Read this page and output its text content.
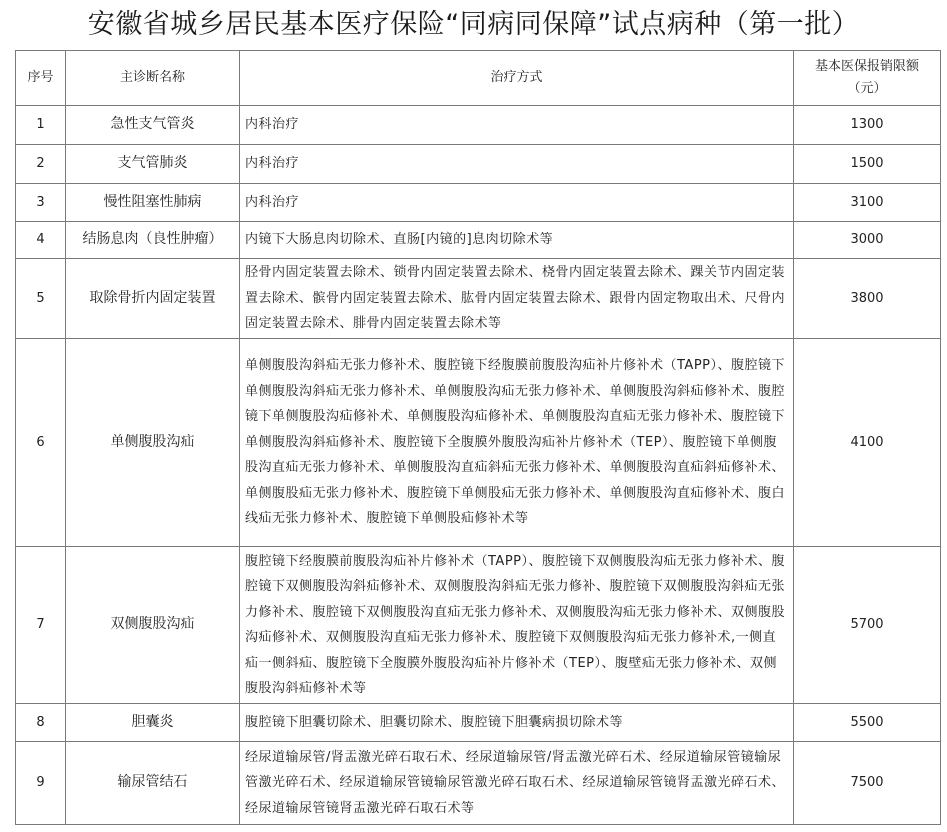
安徽省城乡居民基本医疗保险“同病同保障”试点病种（第一批）
序号	主诊断名称	治疗方式	基本医保报销限额
（元）

1	急性支气管炎	内科治疗	1300
2	支气管肺炎	内科治疗	1500
3	慢性阻塞性肺病	内科治疗	3100
4	结肠息肉（良性肿瘤）	内镜下大肠息肉切除术、直肠[内镜的]息肉切除术等	3000
5	取除骨折内固定装置	胫骨内固定装置去除术、锁骨内固定装置去除术、桡骨内固定装置去除术、踝关节内固定装置去除术、髌骨内固定装置去除术、肱骨内固定装置去除术、跟骨内固定物取出术、尺骨内固定装置去除术、腓骨内固定装置去除术等	3800
6	单侧腹股沟疝	单侧腹股沟斜疝无张力修补术、腹腔镜下经腹膜前腹股沟疝补片修补术（TAPP）、腹腔镜下单侧腹股沟斜疝无张力修补术、单侧腹股沟疝无张力修补术、单侧腹股沟斜疝修补术、腹腔镜下单侧腹股沟疝修补术、单侧腹股沟疝修补术、单侧腹股沟直疝无张力修补术、腹腔镜下单侧腹股沟斜疝修补术、腹腔镜下全腹膜外腹股沟疝补片修补术（TEP）、腹腔镜下单侧腹股沟直疝无张力修补术、单侧腹股沟直疝斜疝无张力修补术、单侧腹股沟直疝斜疝修补术、单侧腹股疝无张力修补术、腹腔镜下单侧股疝无张力修补术、单侧腹股沟直疝修补术、腹白线疝无张力修补术、腹腔镜下单侧股疝修补术等	4100
7	双侧腹股沟疝	腹腔镜下经腹膜前腹股沟疝补片修补术（TAPP）、腹腔镜下双侧腹股沟疝无张力修补术、腹腔镜下双侧腹股沟斜疝修补术、双侧腹股沟斜疝无张力修补、腹腔镜下双侧腹股沟斜疝无张力修补术、腹腔镜下双侧腹股沟直疝无张力修补术、双侧腹股沟疝无张力修补术、双侧腹股沟疝修补术、双侧腹股沟直疝无张力修补术、腹腔镜下双侧腹股沟疝无张力修补术,一侧直疝一侧斜疝、腹腔镜下全腹膜外腹股沟疝补片修补术（TEP）、腹壁疝无张力修补术、双侧腹股沟斜疝修补术等	5700
8	胆囊炎	腹腔镜下胆囊切除术、胆囊切除术、腹腔镜下胆囊病损切除术等	5500
9	输尿管结石	经尿道输尿管/肾盂激光碎石取石术、经尿道输尿管/肾盂激光碎石术、经尿道输尿管镜输尿管激光碎石术、经尿道输尿管镜输尿管激光碎石取石术、经尿道输尿管镜肾盂激光碎石术、经尿道输尿管镜肾盂激光碎石取石术等	7500
